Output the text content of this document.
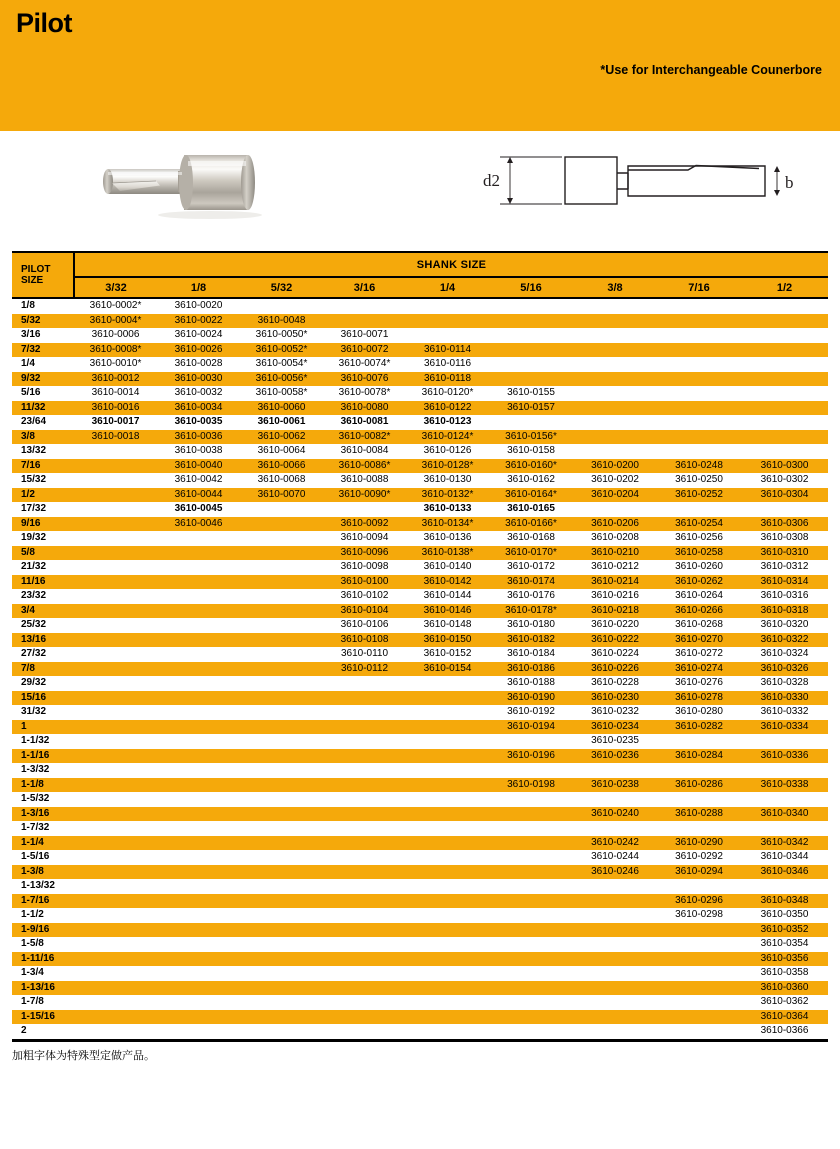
Pilot
*Use for Interchangeable Counerbore
d2	b
PILOT
SIZE	SHANK SIZE								
	3/32	1/8	5/32	3/16	1/4	5/16	3/8	7/16	1/2
1/8	3610-0002*	3610-0020							
5/32	3610-0004*	3610-0022	3610-0048						
3/16	3610-0006	3610-0024	3610-0050*	3610-0071					
7/32	3610-0008*	3610-0026	3610-0052*	3610-0072	3610-0114				
1/4	3610-0010*	3610-0028	3610-0054*	3610-0074*	3610-0116				
9/32	3610-0012	3610-0030	3610-0056*	3610-0076	3610-0118				
5/16	3610-0014	3610-0032	3610-0058*	3610-0078*	3610-0120*	3610-0155			
11/32	3610-0016	3610-0034	3610-0060	3610-0080	3610-0122	3610-0157			
23/64	3610-0017	3610-0035	3610-0061	3610-0081	3610-0123				
3/8	3610-0018	3610-0036	3610-0062	3610-0082*	3610-0124*	3610-0156*			
13/32		3610-0038	3610-0064	3610-0084	3610-0126	3610-0158			
7/16		3610-0040	3610-0066	3610-0086*	3610-0128*	3610-0160*	3610-0200	3610-0248	3610-0300
15/32		3610-0042	3610-0068	3610-0088	3610-0130	3610-0162	3610-0202	3610-0250	3610-0302
1/2		3610-0044	3610-0070	3610-0090*	3610-0132*	3610-0164*	3610-0204	3610-0252	3610-0304
17/32		3610-0045			3610-0133	3610-0165			
9/16		3610-0046		3610-0092	3610-0134*	3610-0166*	3610-0206	3610-0254	3610-0306
19/32				3610-0094	3610-0136	3610-0168	3610-0208	3610-0256	3610-0308
5/8				3610-0096	3610-0138*	3610-0170*	3610-0210	3610-0258	3610-0310
21/32				3610-0098	3610-0140	3610-0172	3610-0212	3610-0260	3610-0312
11/16				3610-0100	3610-0142	3610-0174	3610-0214	3610-0262	3610-0314
23/32				3610-0102	3610-0144	3610-0176	3610-0216	3610-0264	3610-0316
3/4				3610-0104	3610-0146	3610-0178*	3610-0218	3610-0266	3610-0318
25/32				3610-0106	3610-0148	3610-0180	3610-0220	3610-0268	3610-0320
13/16				3610-0108	3610-0150	3610-0182	3610-0222	3610-0270	3610-0322
27/32				3610-0110	3610-0152	3610-0184	3610-0224	3610-0272	3610-0324
7/8				3610-0112	3610-0154	3610-0186	3610-0226	3610-0274	3610-0326
29/32						3610-0188	3610-0228	3610-0276	3610-0328
15/16						3610-0190	3610-0230	3610-0278	3610-0330
31/32						3610-0192	3610-0232	3610-0280	3610-0332
1						3610-0194	3610-0234	3610-0282	3610-0334
1-1/32							3610-0235		
1-1/16						3610-0196	3610-0236	3610-0284	3610-0336
1-3/32									
1-1/8						3610-0198	3610-0238	3610-0286	3610-0338
1-5/32									
1-3/16							3610-0240	3610-0288	3610-0340
1-7/32									
1-1/4							3610-0242	3610-0290	3610-0342
1-5/16							3610-0244	3610-0292	3610-0344
1-3/8							3610-0246	3610-0294	3610-0346
1-13/32									
1-7/16								3610-0296	3610-0348
1-1/2								3610-0298	3610-0350
1-9/16									3610-0352
1-5/8									3610-0354
1-11/16									3610-0356
1-3/4									3610-0358
1-13/16									3610-0360
1-7/8									3610-0362
1-15/16									3610-0364
2									3610-0366
加粗字体为特殊型定做产品。
